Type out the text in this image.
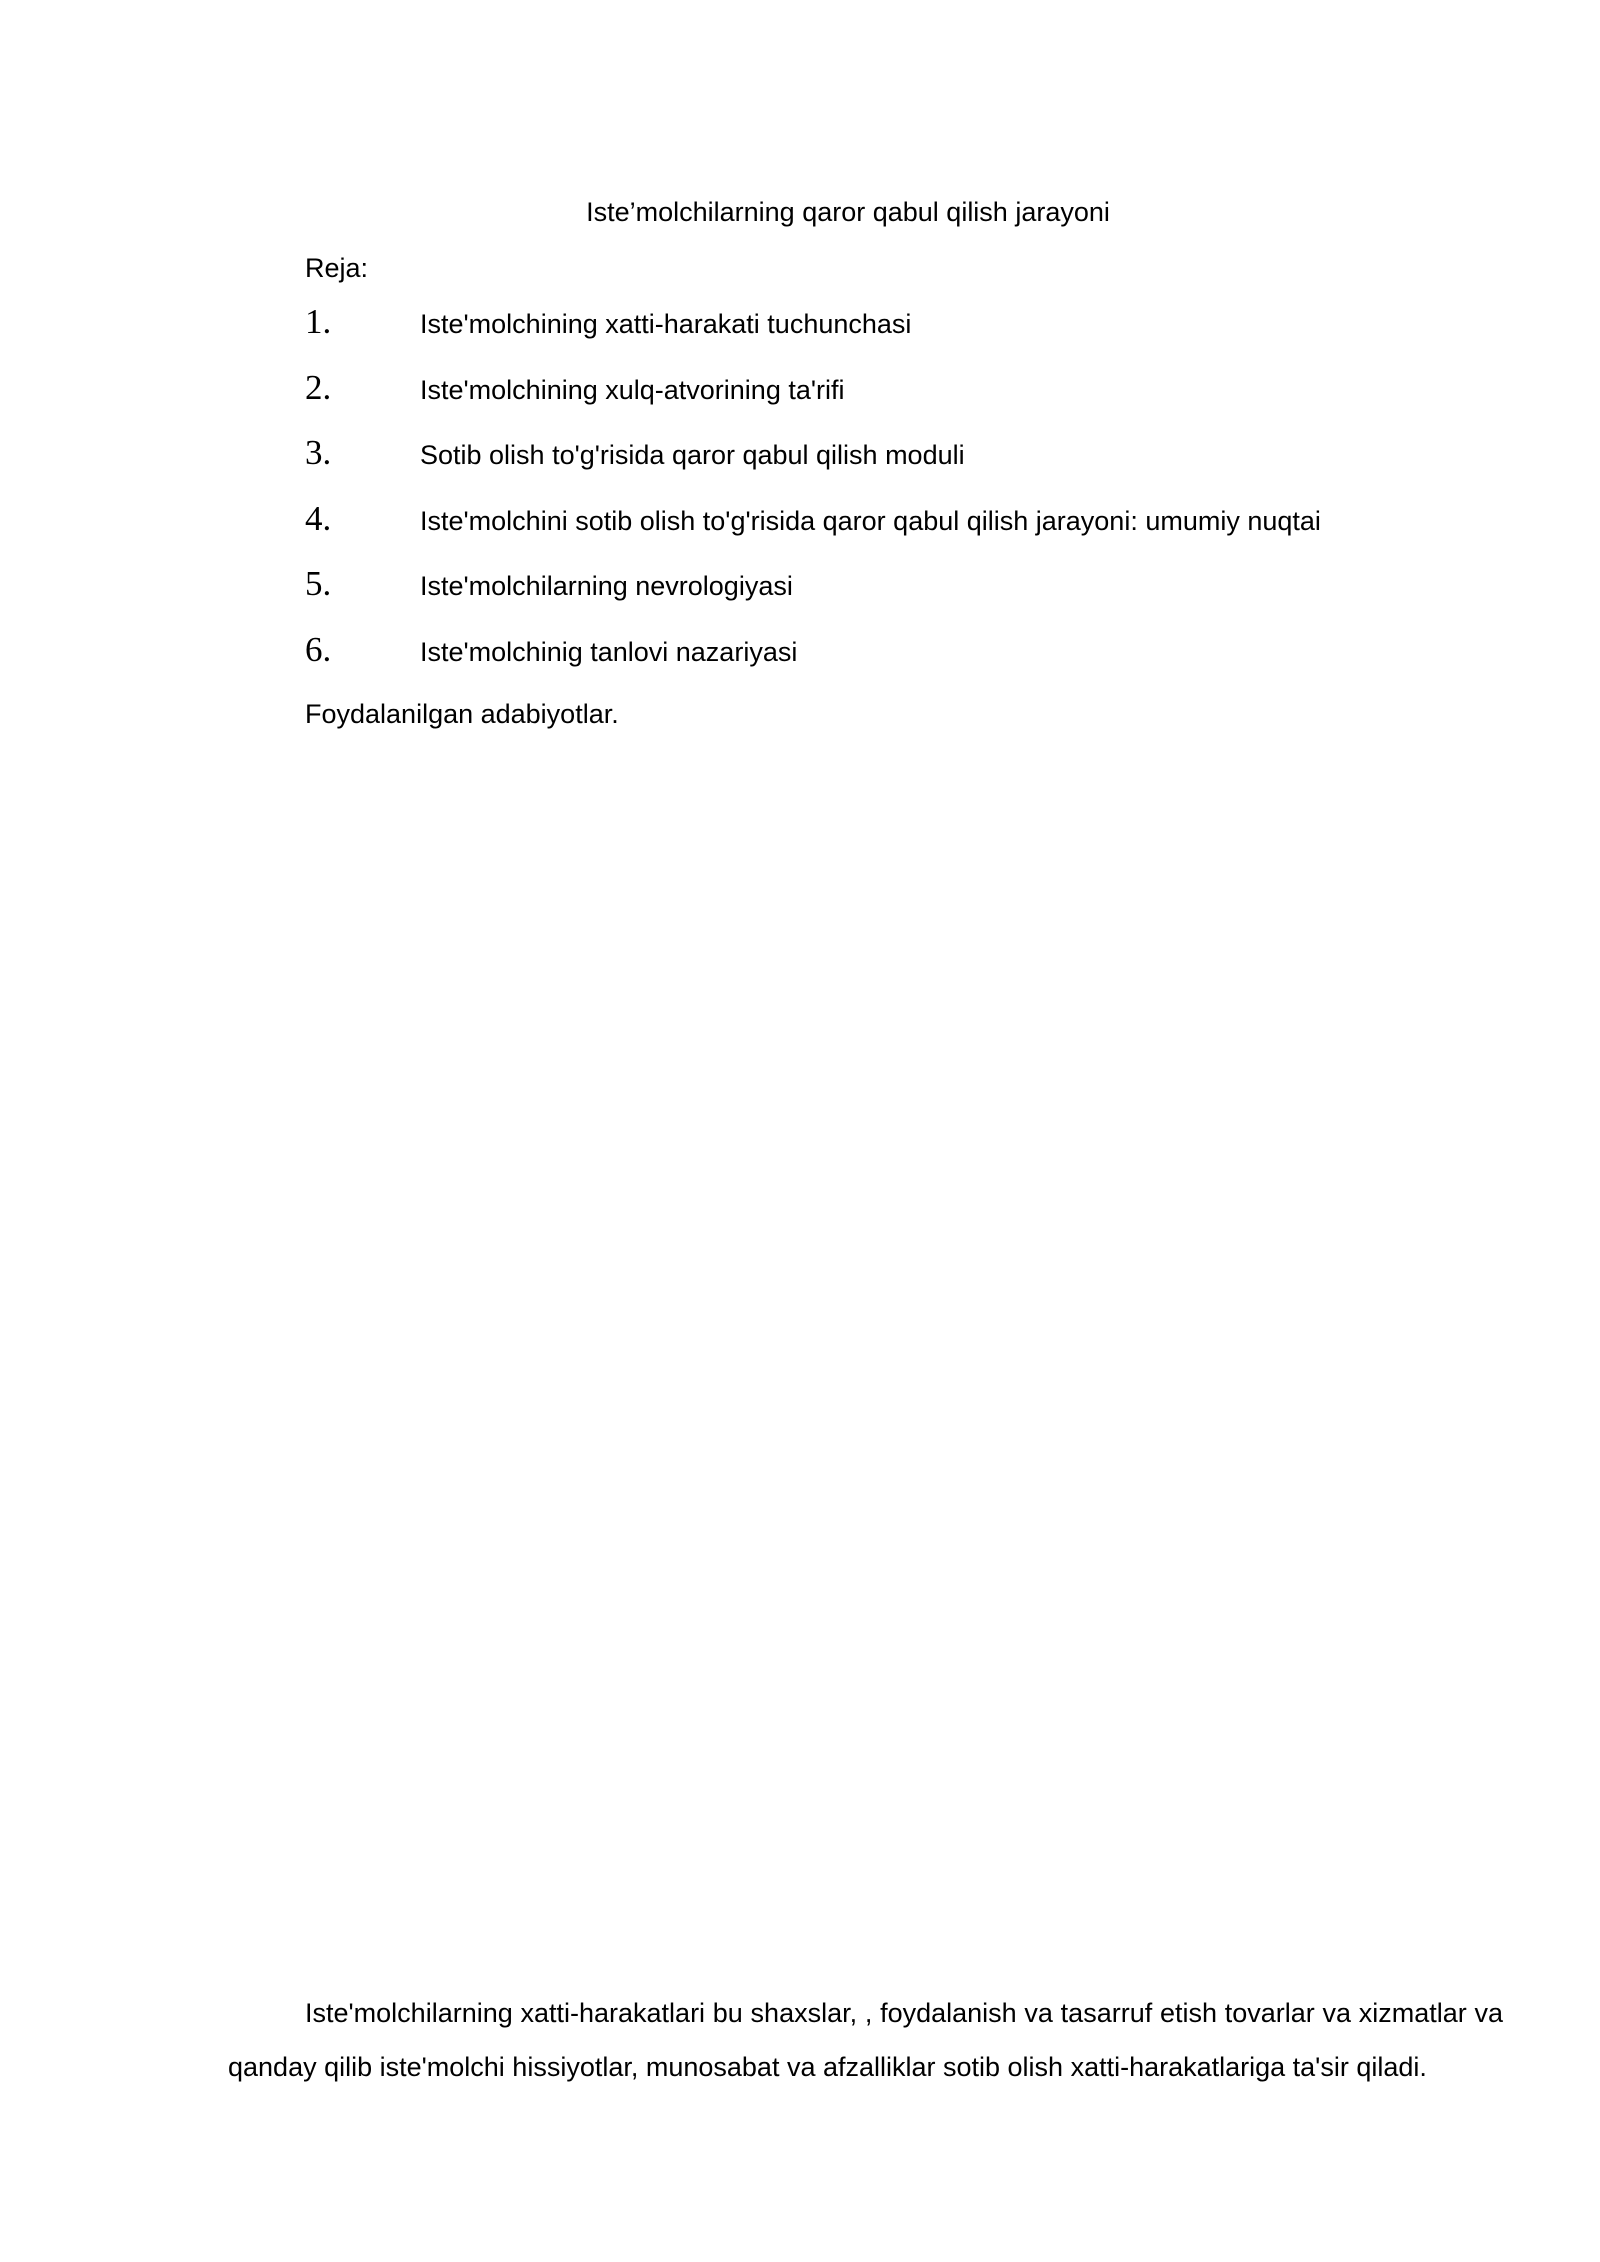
Iste’molchilarning qaror qabul qilish jarayoni
Reja:
1.	Iste'molchining xatti-harakati tuchunchasi
2.	Iste'molchining xulq-atvorining ta'rifi
3.	Sotib olish to'g'risida qaror qabul qilish moduli
4.	Iste'molchini sotib olish to'g'risida qaror qabul qilish jarayoni: umumiy nuqtai
5.	Iste'molchilarning nevrologiyasi
6.	Iste'molchinig tanlovi nazariyasi
Foydalanilgan adabiyotlar.
Iste'molchilarning xatti-harakatlari bu shaxslar, , foydalanish va tasarruf etish tovarlar va xizmatlar va qanday qilib iste'molchi hissiyotlar, munosabat va afzalliklar sotib olish xatti-harakatlariga ta'sir qiladi.
